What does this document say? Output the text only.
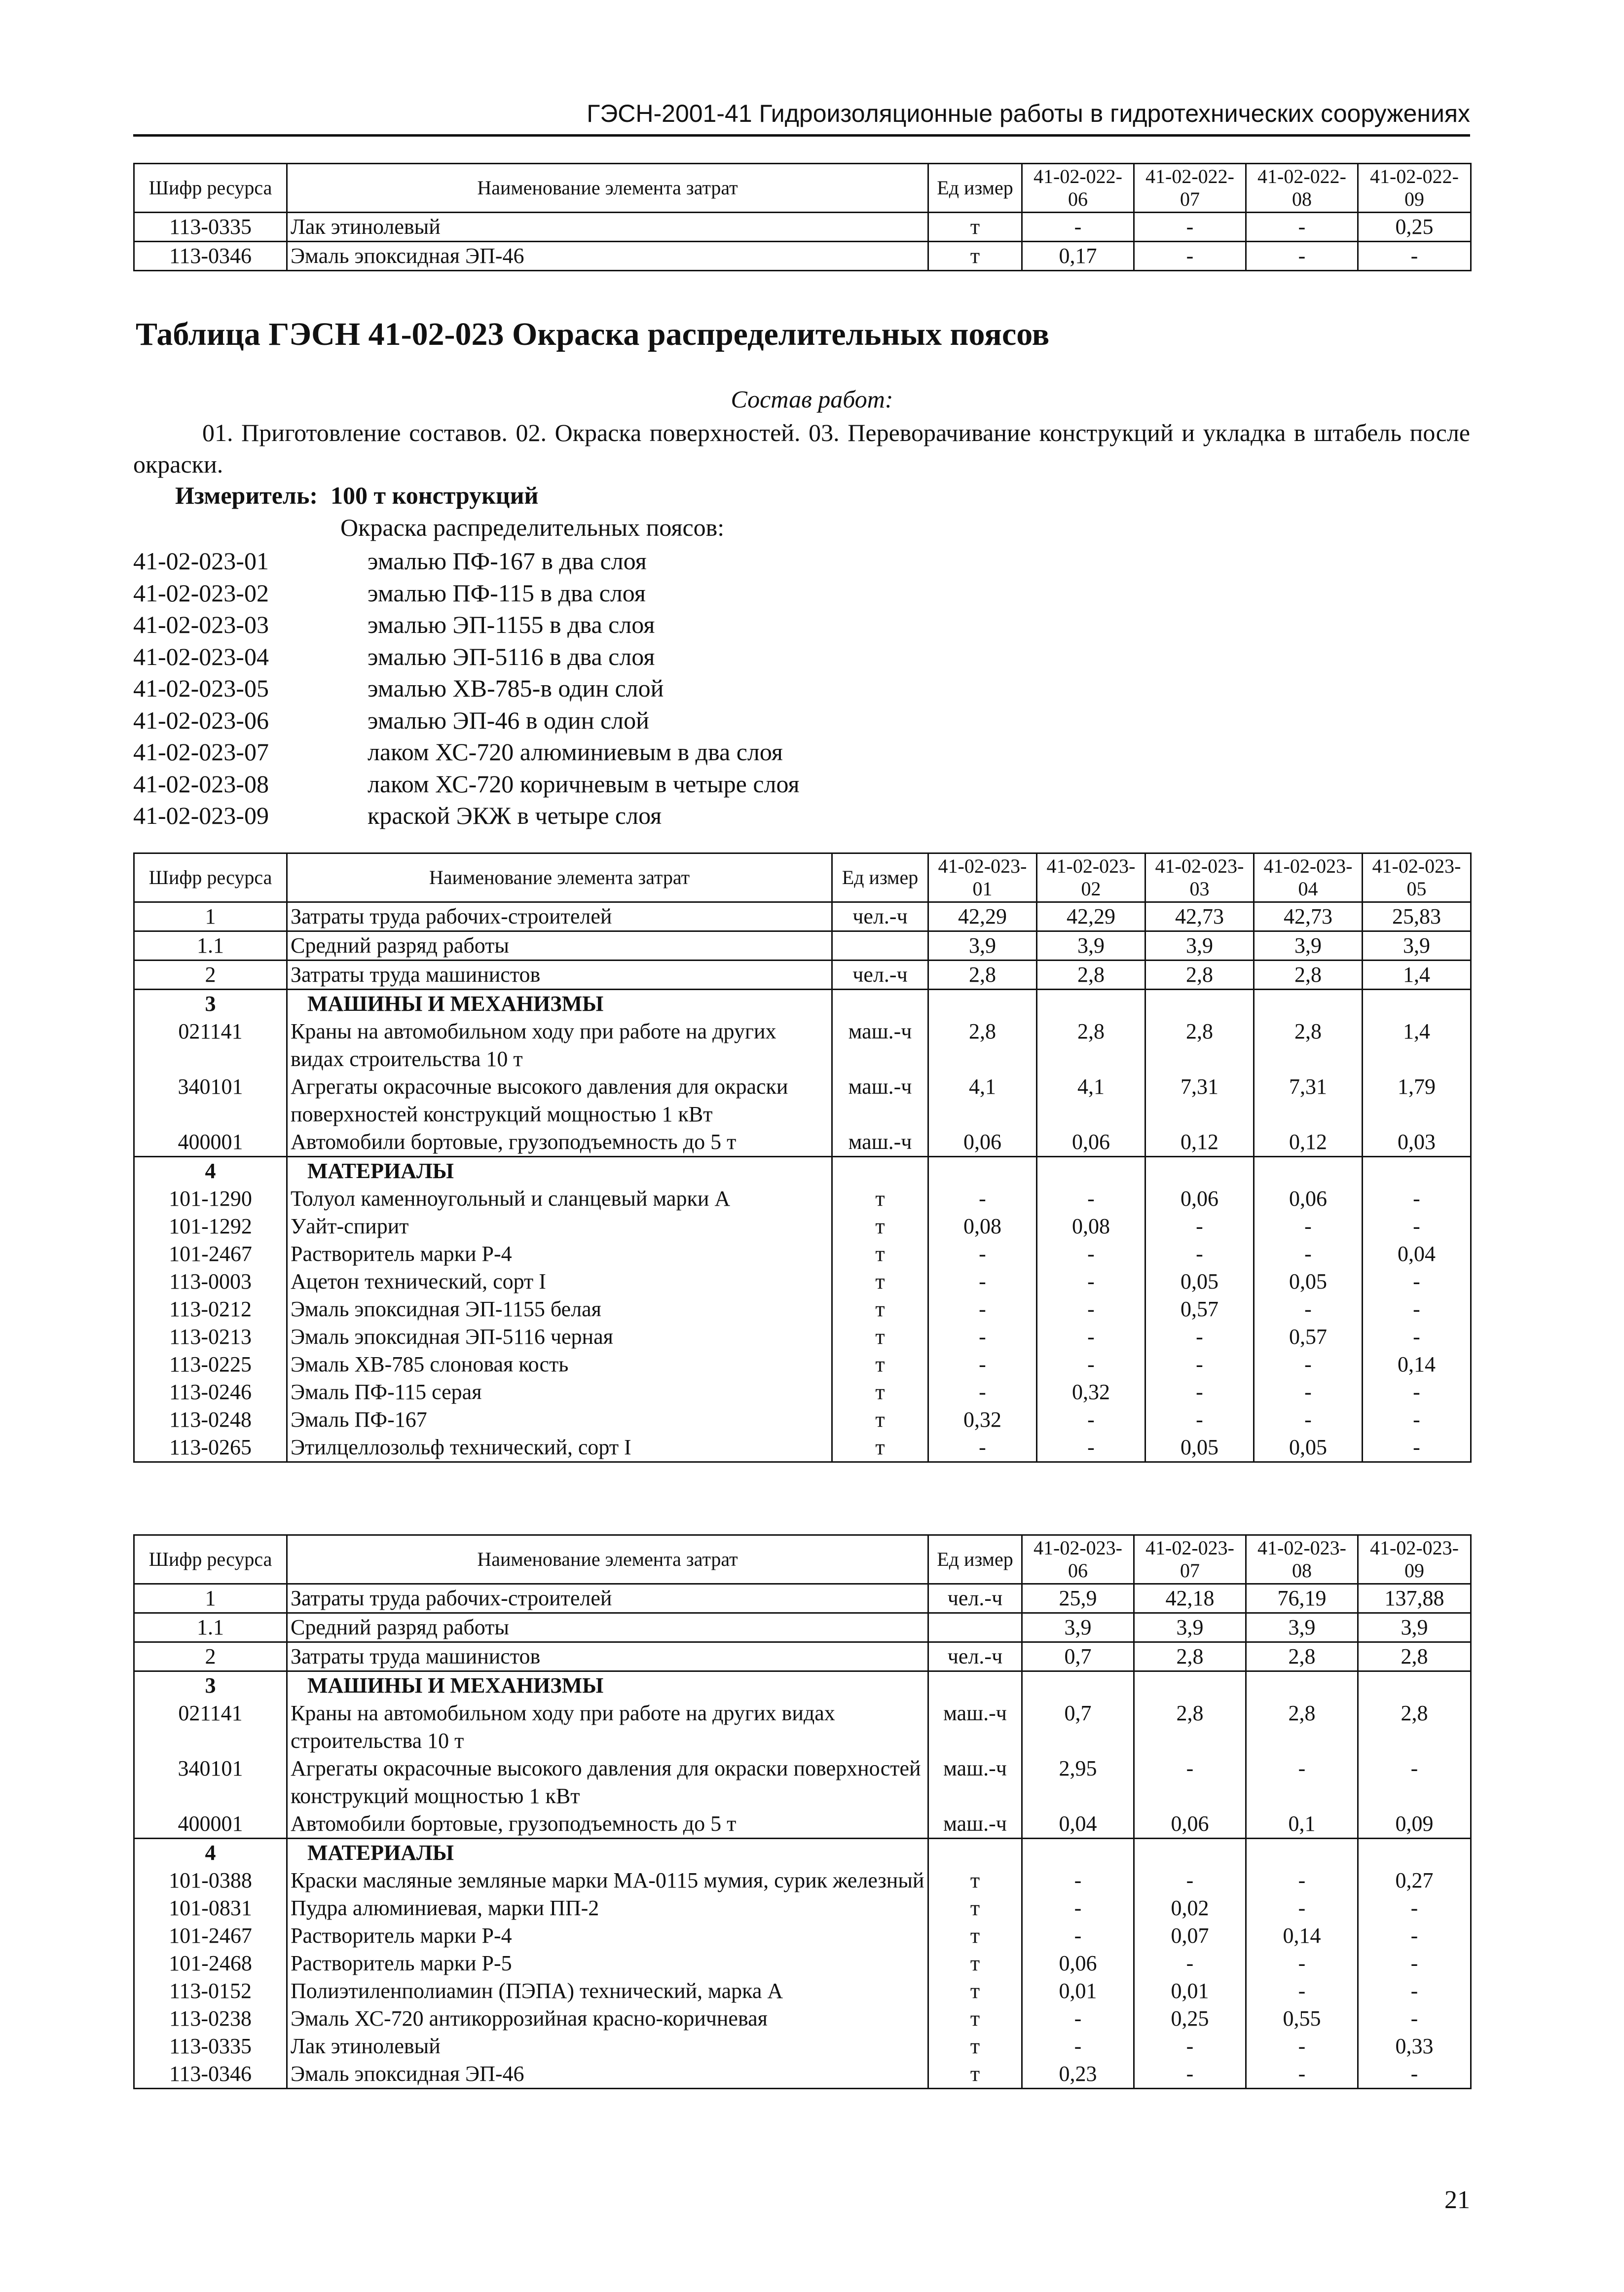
ГЭСН-2001-41 Гидроизоляционные работы в гидротехнических сооружениях
Шифр ресурса	Наименование элемента затрат	Ед измер	41-02-022-06	41-02-022-07	41-02-022-08	41-02-022-09
113-0335	Лак этинолевый	т	-	-	-	0,25
113-0346	Эмаль эпоксидная ЭП-46	т	0,17	-	-	-
Таблица ГЭСН 41-02-023 Окраска распределительных поясов
Состав работ:

01. Приготовление составов. 02. Окраска поверхностей. 03. Переворачивание конструкций и укладка в штабель после окраски.

Измеритель: 100 т конструкций
Окраска распределительных поясов:
41-02-023-01	эмалью ПФ-167 в два слоя
41-02-023-02	эмалью ПФ-115 в два слоя
41-02-023-03	эмалью ЭП-1155 в два слоя
41-02-023-04	эмалью ЭП-5116 в два слоя
41-02-023-05	эмалью ХВ-785-в один слой
41-02-023-06	эмалью ЭП-46 в один слой
41-02-023-07	лаком ХС-720 алюминиевым в два слоя
41-02-023-08	лаком ХС-720 коричневым в четыре слоя
41-02-023-09	краской ЭКЖ в четыре слоя
Шифр ресурса	Наименование элемента затрат	Ед измер	41-02-023-01	41-02-023-02	41-02-023-03	41-02-023-04	41-02-023-05
1	Затраты труда рабочих-строителей	чел.-ч	42,29	42,29	42,73	42,73	25,83
1.1	Средний разряд работы		3,9	3,9	3,9	3,9	3,9
2	Затраты труда машинистов	чел.-ч	2,8	2,8	2,8	2,8	1,4
3	МАШИНЫ И МЕХАНИЗМЫ						
021141	Краны на автомобильном ходу при работе на других видах строительства 10 т	маш.-ч	2,8	2,8	2,8	2,8	1,4
340101	Агрегаты окрасочные высокого давления для окраски поверхностей конструкций мощностью 1 кВт	маш.-ч	4,1	4,1	7,31	7,31	1,79
400001	Автомобили бортовые, грузоподъемность до 5 т	маш.-ч	0,06	0,06	0,12	0,12	0,03
4	МАТЕРИАЛЫ						
101-1290	Толуол каменноугольный и сланцевый марки А	т	-	-	0,06	0,06	-
101-1292	Уайт-спирит	т	0,08	0,08	-	-	-
101-2467	Растворитель марки Р-4	т	-	-	-	-	0,04
113-0003	Ацетон технический, сорт I	т	-	-	0,05	0,05	-
113-0212	Эмаль эпоксидная ЭП-1155 белая	т	-	-	0,57	-	-
113-0213	Эмаль эпоксидная ЭП-5116 черная	т	-	-	-	0,57	-
113-0225	Эмаль ХВ-785 слоновая кость	т	-	-	-	-	0,14
113-0246	Эмаль ПФ-115 серая	т	-	0,32	-	-	-
113-0248	Эмаль ПФ-167	т	0,32	-	-	-	-
113-0265	Этилцеллозольф технический, сорт I	т	-	-	0,05	0,05	-
Шифр ресурса	Наименование элемента затрат	Ед измер	41-02-023-06	41-02-023-07	41-02-023-08	41-02-023-09
1	Затраты труда рабочих-строителей	чел.-ч	25,9	42,18	76,19	137,88
1.1	Средний разряд работы		3,9	3,9	3,9	3,9
2	Затраты труда машинистов	чел.-ч	0,7	2,8	2,8	2,8
3	МАШИНЫ И МЕХАНИЗМЫ					
021141	Краны на автомобильном ходу при работе на других видах строительства 10 т	маш.-ч	0,7	2,8	2,8	2,8
340101	Агрегаты окрасочные высокого давления для окраски поверхностей конструкций мощностью 1 кВт	маш.-ч	2,95	-	-	-
400001	Автомобили бортовые, грузоподъемность до 5 т	маш.-ч	0,04	0,06	0,1	0,09
4	МАТЕРИАЛЫ					
101-0388	Краски масляные земляные марки МА-0115 мумия, сурик железный	т	-	-	-	0,27
101-0831	Пудра алюминиевая, марки ПП-2	т	-	0,02	-	-
101-2467	Растворитель марки Р-4	т	-	0,07	0,14	-
101-2468	Растворитель марки Р-5	т	0,06	-	-	-
113-0152	Полиэтиленполиамин (ПЭПА) технический, марка А	т	0,01	0,01	-	-
113-0238	Эмаль ХС-720 антикоррозийная красно-коричневая	т	-	0,25	0,55	-
113-0335	Лак этинолевый	т	-	-	-	0,33
113-0346	Эмаль эпоксидная ЭП-46	т	0,23	-	-	-
21
